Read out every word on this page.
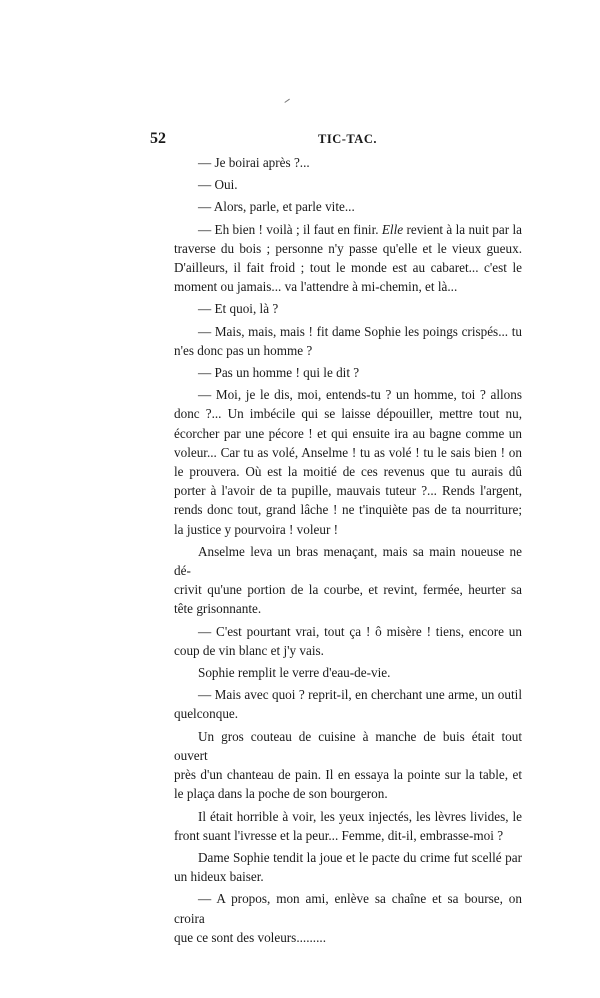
52	TIC-TAC.
— Je boirai après ?...
— Oui.
— Alors, parle, et parle vite...
— Eh bien ! voilà ; il faut en finir. Elle revient à la nuit par la
traverse du bois ; personne n'y passe qu'elle et le vieux gueux.
D'ailleurs, il fait froid ; tout le monde est au cabaret... c'est le
moment ou jamais... va l'attendre à mi-chemin, et là...
— Et quoi, là ?
— Mais, mais, mais ! fit dame Sophie les poings crispés... tu
n'es donc pas un homme ?
— Pas un homme ! qui le dit ?
— Moi, je le dis, moi, entends-tu ? un homme, toi ? allons
donc ?... Un imbécile qui se laisse dépouiller, mettre tout nu,
écorcher par une pécore ! et qui ensuite ira au bagne comme un
voleur... Car tu as volé, Anselme ! tu as volé ! tu le sais bien ! on
le prouvera. Où est la moitié de ces revenus que tu aurais dû
porter à l'avoir de ta pupille, mauvais tuteur ?... Rends l'argent,
rends donc tout, grand lâche ! ne t'inquiète pas de ta nourriture;
la justice y pourvoira ! voleur !
Anselme leva un bras menaçant, mais sa main noueuse ne dé-
crivit qu'une portion de la courbe, et revint, fermée, heurter sa
tête grisonnante.
— C'est pourtant vrai, tout ça ! ô misère ! tiens, encore un
coup de vin blanc et j'y vais.
Sophie remplit le verre d'eau-de-vie.
— Mais avec quoi ? reprit-il, en cherchant une arme, un outil
quelconque.
Un gros couteau de cuisine à manche de buis était tout ouvert
près d'un chanteau de pain. Il en essaya la pointe sur la table, et
le plaça dans la poche de son bourgeron.
Il était horrible à voir, les yeux injectés, les lèvres livides, le
front suant l'ivresse et la peur... Femme, dit-il, embrasse-moi ?
Dame Sophie tendit la joue et le pacte du crime fut scellé par
un hideux baiser.
— A propos, mon ami, enlève sa chaîne et sa bourse, on croira
que ce sont des voleurs.........
